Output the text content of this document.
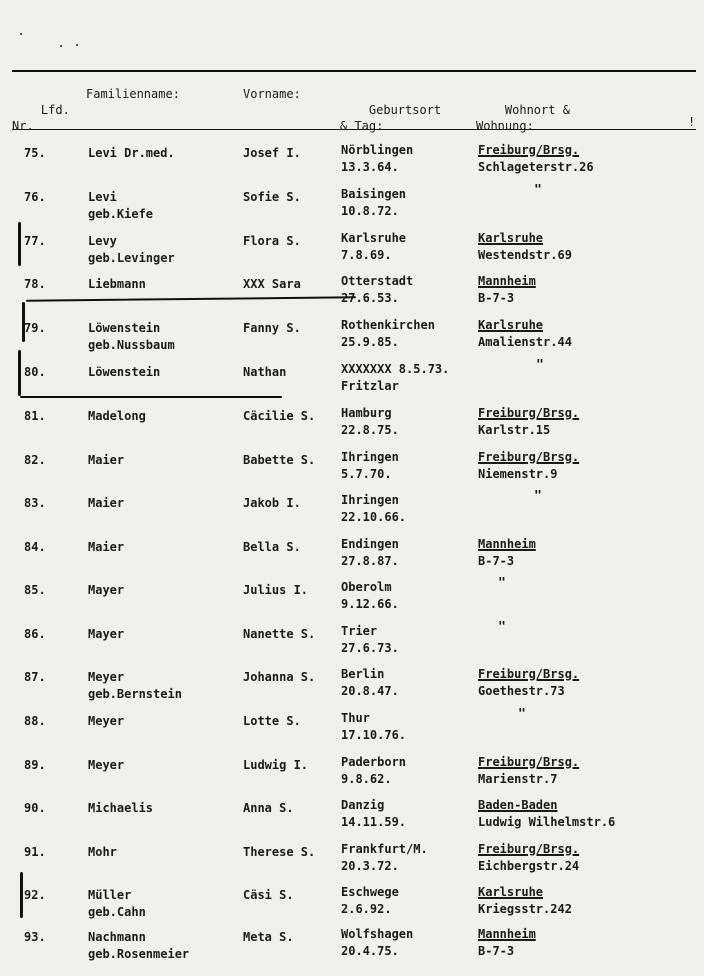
Lfd.
Nr.

Familienname:	Vorname:

Geburtsort
& Tag:

Wohnort &
Wohnung:
	!
75.	Levi Dr.med.	Josef I.	Nörblingen
13.3.64.
Freiburg/Brsg.
Schlageterstr.26
76.	Levi
geb.Kiefe
Sofie S.	Baisingen
10.8.72.
"
77.	Levy
geb.Levinger
Flora S.	Karlsruhe
7.8.69.
Karlsruhe
Westendstr.69
78.	Liebmann	XXX Sara	Otterstadt
27.6.53.
Mannheim
B-7-3
79.	Löwenstein
geb.Nussbaum
Fanny S.	Rothenkirchen
25.9.85.
Karlsruhe
Amalienstr.44
80.	Löwenstein	Nathan	XXXXXXX 8.5.73.
Fritzlar
"
81.	Madelong	Cäcilie S. Hamburg
22.8.75.
Freiburg/Brsg.
Karlstr.15
82.	Maier	Babette S. Ihringen
5.7.70.
Freiburg/Brsg.
Niemenstr.9
83.	Maier	Jakob I.	Ihringen
22.10.66.
"
84.	Maier	Bella S.	Endingen
27.8.87.
Mannheim
B-7-3
85.	Mayer	Julius I.	Oberolm
9.12.66.
"
86.	Mayer	Nanette S. Trier
27.6.73.
"
87.	Meyer
geb.Bernstein
Johanna S. Berlin
20.8.47.
Freiburg/Brsg.
Goethestr.73
88.	Meyer	Lotte S.	Thur
17.10.76.
"
89.	Meyer	Ludwig I.	Paderborn
9.8.62.
Freiburg/Brsg.
Marienstr.7
90.	Michaelis	Anna S.	Danzig
14.11.59.
Baden-Baden
Ludwig Wilhelmstr.6
91.	Mohr	Therese S. Frankfurt/M.
20.3.72.
Freiburg/Brsg.
Eichbergstr.24
92.	Müller
geb.Cahn
Cäsi S.	Eschwege
2.6.92.
Karlsruhe
Kriegsstr.242
93.	Nachmann
geb.Rosenmeier
Meta S.	Wolfshagen
20.4.75.
Mannheim
B-7-3
